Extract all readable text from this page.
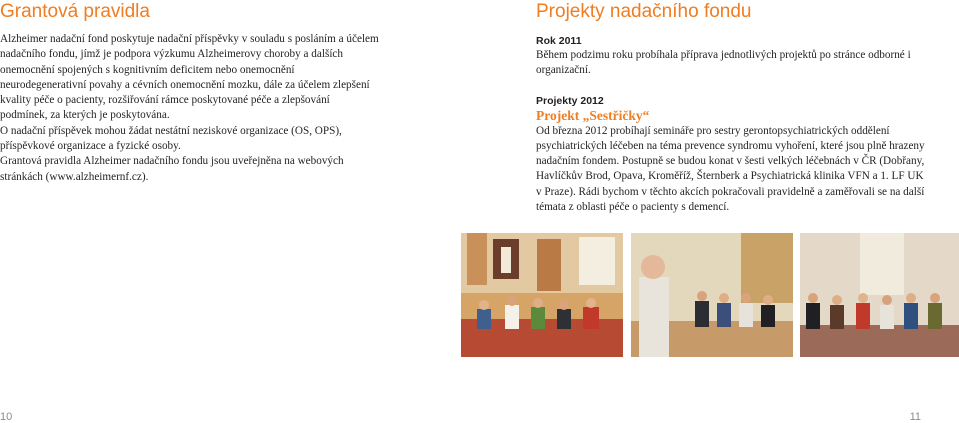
Grantová pravidla

Alzheimer nadační fond poskytuje nadační příspěvky v souladu s posláním a účelem nadačního fondu, jímž je podpora výzkumu Alzheimerovy choroby a dalších onemocnění spojených s kognitivním deficitem nebo onemocnění neurodegenerativní povahy a cévních onemocnění mozku, dále za účelem zlepšení kvality péče o pacienty, rozšiřování rámce poskytované péče a zlepšování podmínek, za kterých je poskytována.

O nadační příspěvek mohou žádat nestátní neziskové organizace (OS, OPS), příspěvkové organizace a fyzické osoby.

Grantová pravidla Alzheimer nadačního fondu jsou uveřejněna na webových stránkách (www.alzheimernf.cz).

Projekty nadačního fondu
Rok 2011

Během podzimu roku probíhala příprava jednotlivých projektů po stránce odborné i organizační.

Projekty 2012
Projekt „Sestřičky“

Od března 2012 probíhají semináře pro sestry gerontopsychiatrických oddělení psychiatrických léčeben na téma prevence syndromu vyhoření, které jsou plně hrazeny nadačním fondem. Postupně se budou konat v šesti velkých léčebnách v ČR (Dobřany, Havlíčkův Brod, Opava, Kroměříž, Šternberk a Psychiatrická klinika VFN a 1. LF UK v Praze). Rádi bychom v těchto akcích pokračovali pravidelně a zaměřovali se na další témata z oblasti péče o pacienty s demencí.

10	11
